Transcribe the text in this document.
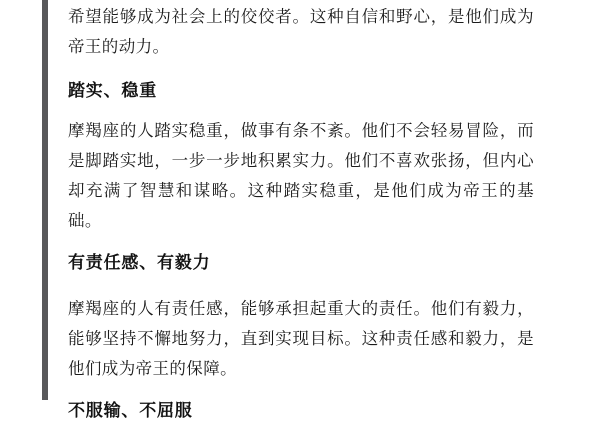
希望能够成为社会上的佼佼者。这种自信和野心，是他们成为帝王的动力。

踏实、稳重

摩羯座的人踏实稳重，做事有条不紊。他们不会轻易冒险，而是脚踏实地，一步一步地积累实力。他们不喜欢张扬，但内心却充满了智慧和谋略。这种踏实稳重，是他们成为帝王的基础。

有责任感、有毅力

摩羯座的人有责任感，能够承担起重大的责任。他们有毅力，能够坚持不懈地努力，直到实现目标。这种责任感和毅力，是他们成为帝王的保障。

不服输、不屈服
